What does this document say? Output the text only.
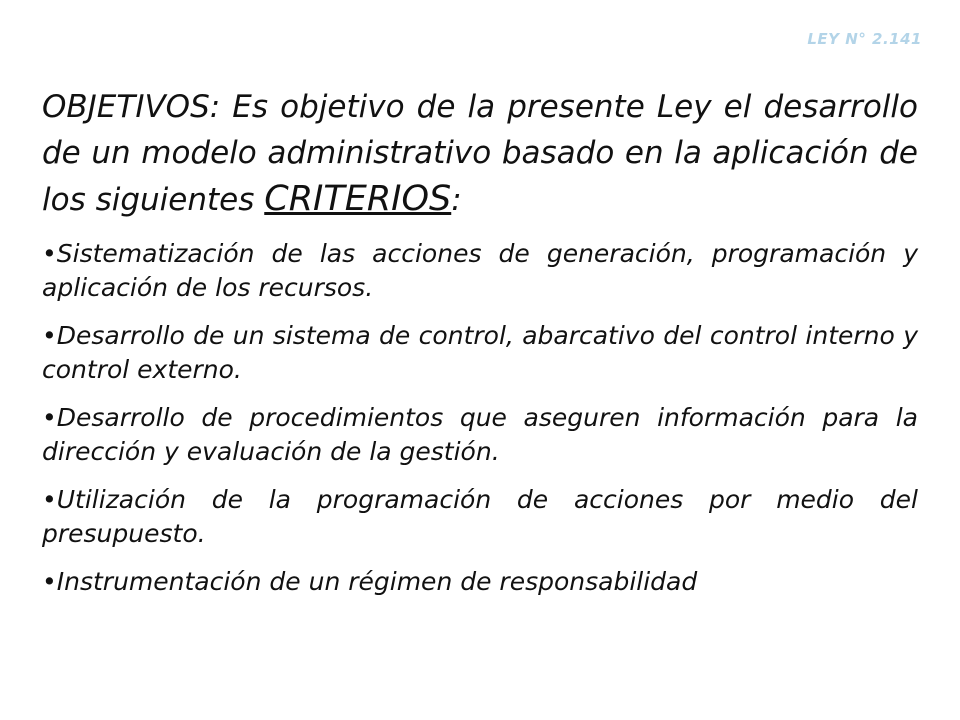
LEY N° 2.141

OBJETIVOS: Es objetivo de la presente Ley el desarrollo de un modelo administrativo basado en la aplicación de los siguientes CRITERIOS:

•Sistematización de las acciones de generación, programación y aplicación de los recursos.
•Desarrollo de un sistema de control, abarcativo del control interno y control externo.
•Desarrollo de procedimientos que aseguren información para la dirección y evaluación de la gestión.
•Utilización de la programación de acciones por medio del presupuesto.
•Instrumentación de un régimen de responsabilidad
